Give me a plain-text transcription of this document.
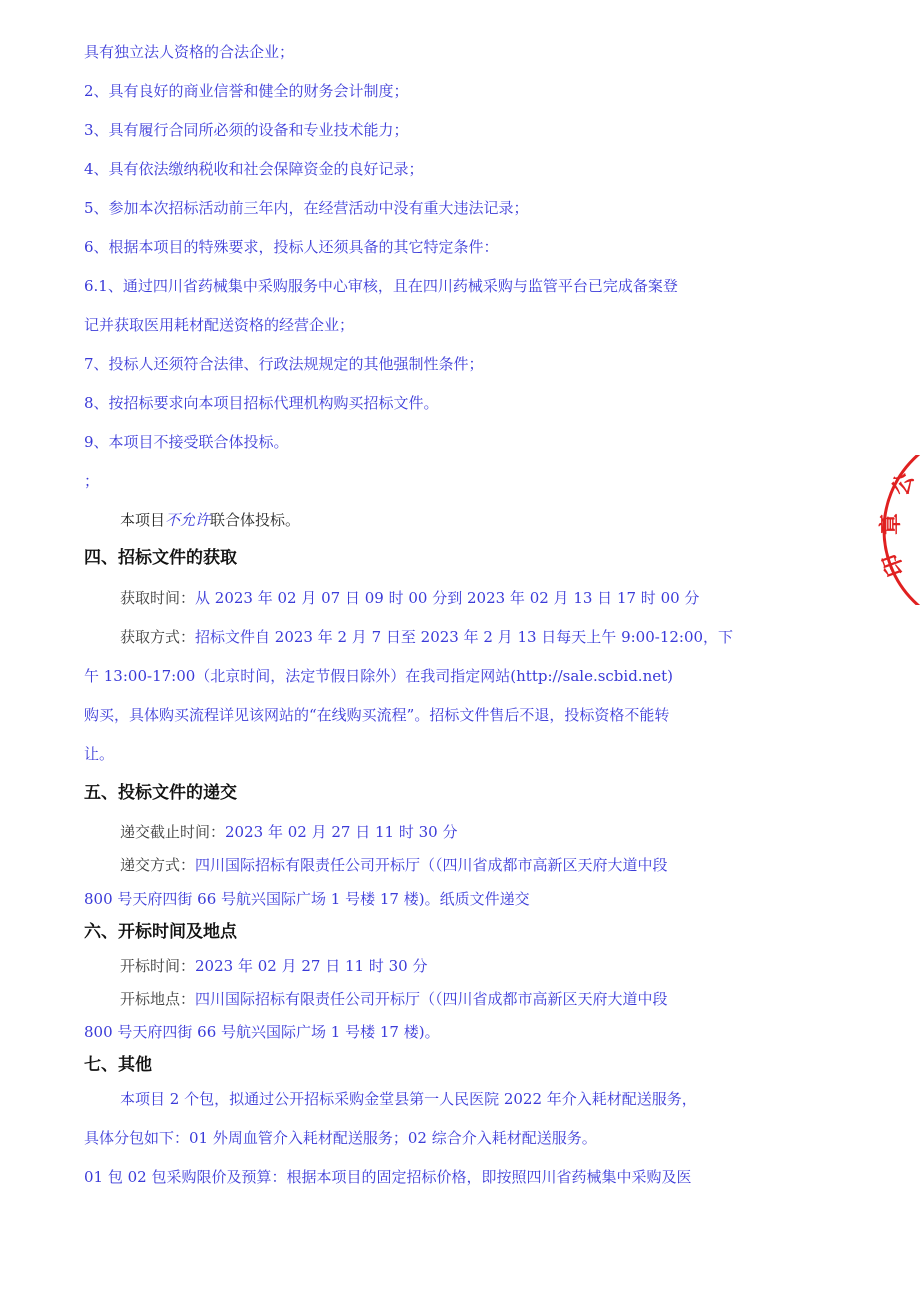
具有独立法人资格的合法企业；
2、具有良好的商业信誉和健全的财务会计制度；
3、具有履行合同所必须的设备和专业技术能力；
4、具有依法缴纳税收和社会保障资金的良好记录；
5、参加本次招标活动前三年内，在经营活动中没有重大违法记录；
6、根据本项目的特殊要求，投标人还须具备的其它特定条件：
6.1、通过四川省药械集中采购服务中心审核，且在四川药械采购与监管平台已完成备案登
记并获取医用耗材配送资格的经营企业；
7、投标人还须符合法律、行政法规规定的其他强制性条件；
8、按招标要求向本项目招标代理机构购买招标文件。
9、本项目不接受联合体投标。
；
本项目不允许联合体投标。
四、招标文件的获取
获取时间：从 2023 年 02 月 07 日 09 时 00 分到 2023 年 02 月 13 日 17 时 00 分
获取方式：招标文件自 2023 年 2 月 7 日至 2023 年 2 月 13 日每天上午 9:00-12:00，下
午 13:00-17:00（北京时间，法定节假日除外）在我司指定网站(http://sale.scbid.net)
购买，具体购买流程详见该网站的“在线购买流程”。招标文件售后不退，投标资格不能转
让。
五、投标文件的递交
递交截止时间：2023 年 02 月 27 日 11 时 30 分
递交方式：四川国际招标有限责任公司开标厅（（四川省成都市高新区天府大道中段
800 号天府四街 66 号航兴国际广场 1 号楼 17 楼)。纸质文件递交
六、开标时间及地点
开标时间：2023 年 02 月 27 日 11 时 30 分
开标地点：四川国际招标有限责任公司开标厅（（四川省成都市高新区天府大道中段
800 号天府四街 66 号航兴国际广场 1 号楼 17 楼)。
七、其他
本项目 2 个包，拟通过公开招标采购金堂县第一人民医院 2022 年介入耗材配送服务，
具体分包如下：01 外周血管介入耗材配送服务；02 综合介入耗材配送服务。
01 包 02 包采购限价及预算：根据本项目的固定招标价格，即按照四川省药械集中采购及医
公
章
印
